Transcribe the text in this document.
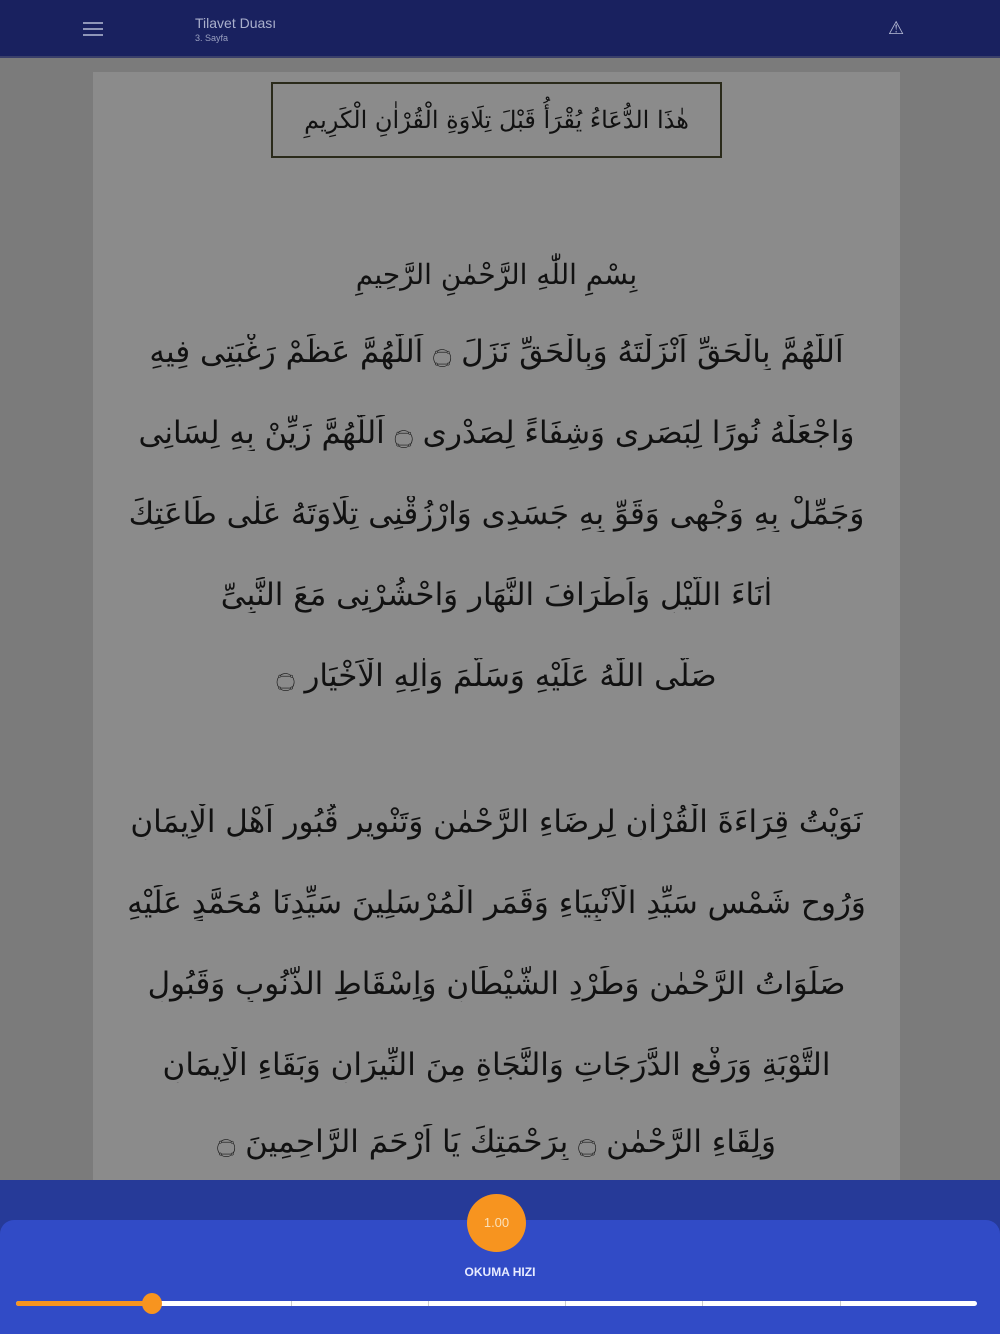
Tilavet Duası
3. Sayfa	⚠
هٰذَا الدُّعَاءُ يُقْرَأُ قَبْلَ تِلَاوَةِ الْقُرْاٰنِ الْكَرِيمِ
بِسْمِ اللّٰهِ الرَّحْمٰنِ الرَّحِيمِ
اَللّٰهُمَّ بِالْحَقِّ اَنْزَلْتَهُ وَبِالْحَقِّ نَزَلَ ۝ اَللّٰهُمَّ عَظِّمْ رَغْبَتِى فِيهِ
وَاجْعَلْهُ نُورًا لِبَصَرِى وَشِفَاءً لِصَدْرِى ۝ اَللّٰهُمَّ زَيِّنْ بِهِ لِسَانِى
وَجَمِّلْ بِهِ وَجْهِى وَقَوِّ بِهِ جَسَدِى وَارْزُقْنِى تِلَاوَتَهُ عَلٰى طَاعَتِكَ
اٰنَاءَ اللَّيْلِ وَاَطْرَافَ النَّهَارِ وَاحْشُرْنِى مَعَ النَّبِىِّ
صَلَّى اللّٰهُ عَلَيْهِ وَسَلَّمَ وَاٰلِهِ الْاَخْيَارِ ۝
نَوَيْتُ قِرَاءَةَ الْقُرْاٰنِ لِرِضَاءِ الرَّحْمٰنِ وَتَنْوِيرِ قُبُورِ اَهْلِ الْاِيمَانِ
وَرُوحِ شَمْسِ سَيِّدِ الْاَنْبِيَاءِ وَقَمَرِ الْمُرْسَلِينَ سَيِّدِنَا مُحَمَّدٍ عَلَيْهِ
صَلَوَاتُ الرَّحْمٰنِ وَطَرْدِ الشَّيْطَانِ وَاِسْقَاطِ الذُّنُوبِ وَقَبُولِ
التَّوْبَةِ وَرَفْعِ الدَّرَجَاتِ وَالنَّجَاةِ مِنَ النِّيرَانِ وَبَقَاءِ الْاِيمَانِ
وَلِقَاءِ الرَّحْمٰنِ ۝ بِرَحْمَتِكَ يَا اَرْحَمَ الرَّاحِمِينَ ۝
1.00
OKUMA HIZI
